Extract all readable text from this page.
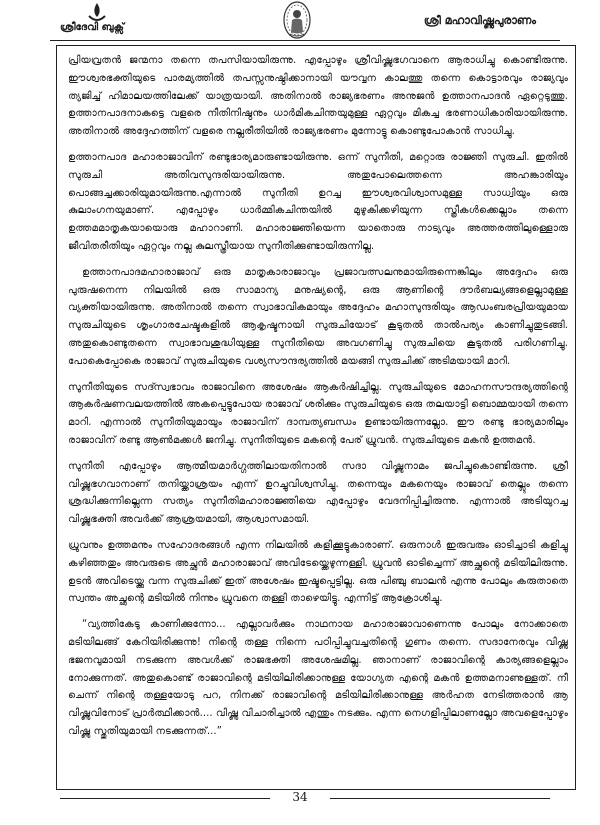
ശ്രീദേവി ബുക്സ്
ശ്രീ മഹാവിഷ്ണുപുരാണം

പ്രിയവ്രതൻ ജന്മനാ തന്നെ തപസിയായിരുന്നു. എപ്പോഴും ശ്രീവിഷ്ണുഭഗവാനെ ആരാധിച്ചു കൊണ്ടിരുന്നു. ഈശ്വരഭക്തിയുടെ പാരമ്യത്തിൽ തപസ്സനുഷ്ഠിക്കാനായി യൗവ്വന കാലത്തു തന്നെ കൊട്ടാരവും രാജ്യവും ത്യജിച്ച് ഹിമാലയത്തിലേക്ക് യാത്രയായി. അതിനാൽ രാജ്യഭരണം അനുജൻ ഉത്താനപാദൻ ഏറ്റെടുത്തു. ഉത്താനപാദനാകട്ടെ വളരെ നീതിനിഷ്ഠനും ധാർമികചിന്തയുമുള്ള ഏറ്റവും മികച്ച ഭരണാധികാരിയായിരുന്നു. അതിനാൽ അദ്ദേഹത്തിന് വളരെ നല്ലരീതിയിൽ രാജ്യഭരണം മുന്നോട്ടു കൊണ്ടുപോകാൻ സാധിച്ചു.

ഉത്താനപാദ മഹാരാജാവിന് രണ്ടുഭാര്യമാരുണ്ടായിരുന്നു. ഒന്ന് സുനീതി, മറ്റൊരു രാജ്ഞി സുരുചി. ഇതിൽ സുരുചി അതിവസുന്ദരിയായിരുന്നു. അതുപോലെത്തന്നെ അഹങ്കാരിയും പൊങ്ങച്ചക്കാരിയുമായിരുന്നു.എന്നാൽ സുനീതി ഉറച്ച ഈശ്വരവിശ്വാസമുള്ള സാധ്വിയും ഒരു കുലാംഗനയുമാണ്. എപ്പോഴും ധാർമ്മികചിന്തയിൽ മുഴുകിക്കഴിയുന്ന സ്ത്രീകൾക്കെല്ലാം തന്നെ ഉത്തമമാതൃകയായൊരു മഹാറാണി. മഹാരാജ്ഞിയെന്ന യാതൊരു നാട്യവും അത്തരത്തിലുള്ളൊരു ജീവിതരീതിയും ഏറ്റവും നല്ല കുലസ്ത്രീയായ സുനീതിക്കുണ്ടായിരുന്നില്ല.

ഉത്താനപാദമഹാരാജാവ് ഒരു മാതൃകാരാജാവും പ്രജാവത്സലനുമായിരുന്നെങ്കിലും അദ്ദേഹം ഒരു പുരുഷനെന്ന നിലയിൽ ഒരു സാമാന്യ മനുഷ്യന്റെ, ഒരു ആണിന്റെ ദൗർബല്യങ്ങളെല്ലാമുള്ള വ്യക്തിയായിരുന്നു. അതിനാൽ തന്നെ സ്വാഭാവികമായും അദ്ദേഹം മഹാസുന്ദരിയും ആഡംബരപ്രിയയുമായ സുരുചിയുടെ ശൃംഗാരചേഷ്ടകളിൽ ആകൃഷ്ടനായി സുരുചിയോട് കൂടുതൽ താൽപര്യം കാണിച്ചുതുടങ്ങി. അതുകൊണ്ടുതന്നെ സ്വാഭാവശുദ്ധിയുള്ള സുനീതിയെ അവഗണിച്ചു സുരുചിയെ കൂടുതൽ പരിഗണിച്ചു. പോകെപ്പോകെ രാജാവ് സുരുചിയുടെ വശ്യസൗന്ദര്യത്തിൽ മയങ്ങി സുരുചിക്ക് അടിമയായി മാറി.

സുനീതിയുടെ സദ്സ്വഭാവം രാജാവിനെ അശേഷം ആകർഷിച്ചില്ല. സുരുചിയുടെ മോഹനസൗന്ദര്യത്തിന്റെ ആകർഷണവലയത്തിൽ അകപ്പെട്ടുപോയ രാജാവ് ശരിക്കും സുരുചിയുടെ ഒരു തലയാട്ടി ബൊമ്മയായി തന്നെ മാറി. എന്നാൽ സുനീതിയുമായും രാജാവിന് ദാമ്പത്യബന്ധം ഉണ്ടായിരുന്നല്ലോ. ഈ രണ്ടു ഭാര്യമാരിലും രാജാവിന് രണ്ടു ആൺമക്കൾ ജനിച്ചു. സുനീതിയുടെ മകന്റെ പേര് ധ്രുവൻ. സുരുചിയുടെ മകൻ ഉത്തമൻ.

സുനീതി എപ്പോഴും ആത്മീയമാർഗ്ഗത്തിലായതിനാൽ സദാ വിഷ്ണുനാമം ജപിച്ചുകൊണ്ടിരുന്നു. ശ്രീ വിഷ്ണുഭഗവാനാണ് തനിയ്ക്കാശ്രയം എന്ന് ഉറച്ചുവിശ്വസിച്ചു. തന്നെയും മകനെയും രാജാവ് തെല്ലും തന്നെ ശ്രദ്ധിക്കുന്നില്ലെന്ന സത്യം സുനീതിമഹാരാജ്ഞിയെ എപ്പോഴും വേദനിപ്പിച്ചിരുന്നു. എന്നാൽ അടിയുറച്ച വിഷ്ണുഭക്തി അവർക്ക് ആശ്രയമായി, ആശ്വാസമായി.

ധ്രുവനും ഉത്തമനും സഹോദരങ്ങൾ എന്ന നിലയിൽ കളിക്കൂട്ടുകാരാണ്. ഒരുനാൾ ഇരുവരും ഓടിച്ചാടി കളിച്ചു കഴിഞ്ഞതും അവരുടെ അച്ഛൻ മഹാരാജാവ് അവിടേയ്ക്കെഴുന്നള്ളി. ധ്രുവൻ ഓടിച്ചെന്ന് അച്ഛന്റെ മടിയിലിരുന്നു. ഉടൻ അവിടെയ്ക്കു വന്ന സുരുചിക്ക് ഇത് അശേഷം ഇഷ്ടപ്പെട്ടില്ല. ഒരു പിഞ്ചു ബാലൻ എന്നു പോലും കരുതാതെ സ്വന്തം അച്ഛന്റെ മടിയിൽ നിന്നും ധ്രുവനെ തള്ളി താഴെയിട്ടു. എന്നിട്ട് ആക്രോശിച്ചു.

“വ്യത്തികേടു കാണിക്കുന്നോ... എല്ലാവർക്കും നാഥനായ മഹാരാജാവാണെന്നു പോലും നോക്കാതെ മടിയിലങ്ങ് കേറിയിരിക്കുന്നു! നിന്റെ തള്ള നിന്നെ പഠിപ്പിച്ചുവച്ചതിന്റെ ഗുണം തന്നെ. സദാനേരവും വിഷ്ണു ഭജനവുമായി നടക്കുന്ന അവൾക്ക് രാജഭക്തി അശേഷമില്ല. ഞാനാണ് രാജാവിന്റെ കാര്യങ്ങളെല്ലാം നോക്കുന്നത്. അതുകൊണ്ട് രാജാവിന്റെ മടിയിലിരിക്കാനുള്ള യോഗ്യത എന്റെ മകൻ ഉത്തമനാണുള്ളത്. നീ ചെന്ന് നിന്റെ തള്ളയോടു പറ, നിനക്ക് രാജാവിന്റെ മടിയിലിരിക്കാനുള്ള അർഹത നേടിത്തരാൻ ആ വിഷ്ണുവിനോട് പ്രാർത്ഥിക്കാൻ.... വിഷ്ണു വിചാരിച്ചാൽ എന്തും നടക്കും. എന്ന നെഗളിപ്പിലാണല്ലോ അവളെപ്പോഴും വിഷ്ണു സ്തുതിയുമായി നടക്കുന്നത്...”

34
